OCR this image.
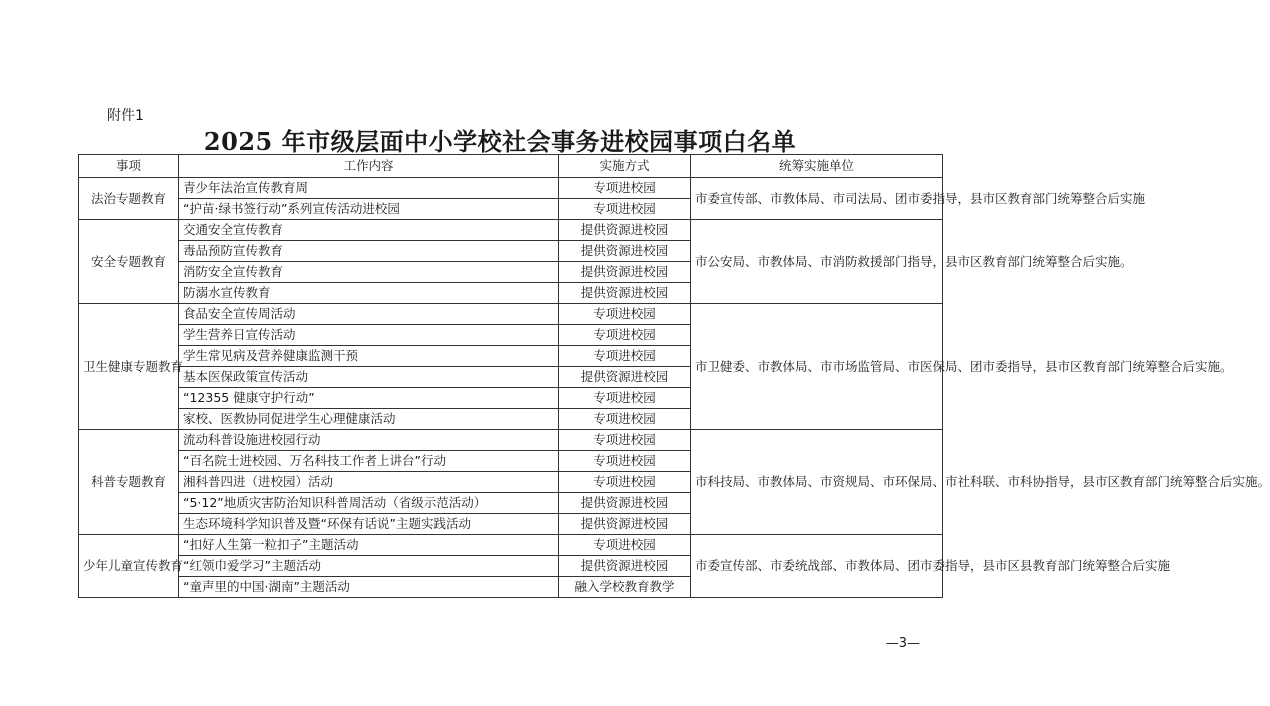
附件1
2025 年市级层面中小学校社会事务进校园事项白名单
事项	工作内容	实施方式	统筹实施单位
法治专题教育	青少年法治宣传教育周	专项进校园	市委宣传部、市教体局、市司法局、团市委指导，县市区教育部门统筹整合后实施
	“护苗·绿书签行动”系列宣传活动进校园	专项进校园	
安全专题教育	交通安全宣传教育	提供资源进校园	市公安局、市教体局、市消防救援部门指导，县市区教育部门统筹整合后实施。
	毒品预防宣传教育	提供资源进校园	
	消防安全宣传教育	提供资源进校园	
	防溺水宣传教育	提供资源进校园	
卫生健康专题教育	食品安全宣传周活动	专项进校园	市卫健委、市教体局、市市场监管局、市医保局、团市委指导，县市区教育部门统筹整合后实施。
	学生营养日宣传活动	专项进校园	
	学生常见病及营养健康监测干预	专项进校园	
	基本医保政策宣传活动	提供资源进校园	
	“12355 健康守护行动”	专项进校园	
	家校、医教协同促进学生心理健康活动	专项进校园	
科普专题教育	流动科普设施进校园行动	专项进校园	市科技局、市教体局、市资规局、市环保局、市社科联、市科协指导，县市区教育部门统筹整合后实施。
	“百名院士进校园、万名科技工作者上讲台”行动	专项进校园	
	湘科普四进（进校园）活动	专项进校园	
	“5·12”地质灾害防治知识科普周活动（省级示范活动）	提供资源进校园	
	生态环境科学知识普及暨“环保有话说”主题实践活动	提供资源进校园	
少年儿童宣传教育	“扣好人生第一粒扣子”主题活动	专项进校园	市委宣传部、市委统战部、市教体局、团市委指导，县市区县教育部门统筹整合后实施
	“红领巾爱学习”主题活动	提供资源进校园	
	“童声里的中国·湖南”主题活动	融入学校教育教学	
—3—
